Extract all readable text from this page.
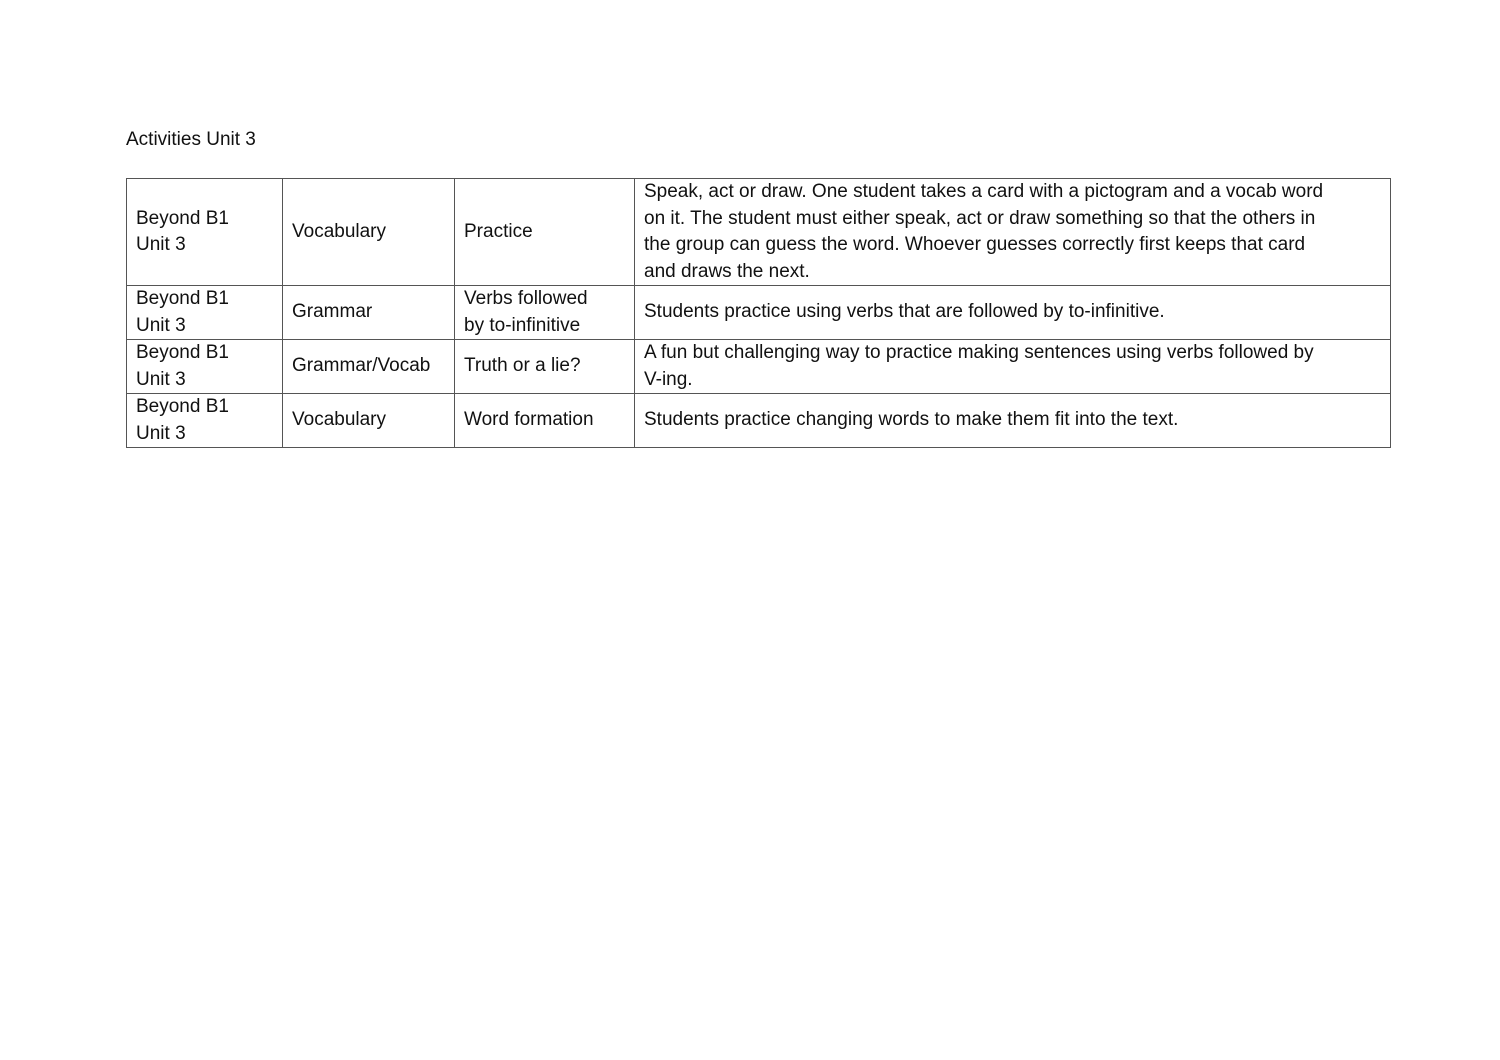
Activities Unit 3
Beyond B1
Unit 3	Vocabulary	Practice	Speak, act or draw. One student takes a card with a pictogram and a vocab word
on it. The student must either speak, act or draw something so that the others in
the group can guess the word. Whoever guesses correctly first keeps that card
and draws the next.

Beyond B1
Unit 3	Grammar	Verbs followed
by to-infinitive	Students practice using verbs that are followed by to-infinitive.

Beyond B1
Unit 3	Grammar/Vocab	Truth or a lie?	A fun but challenging way to practice making sentences using verbs followed by
V-ing.

Beyond B1
Unit 3	Vocabulary	Word formation	Students practice changing words to make them fit into the text.
